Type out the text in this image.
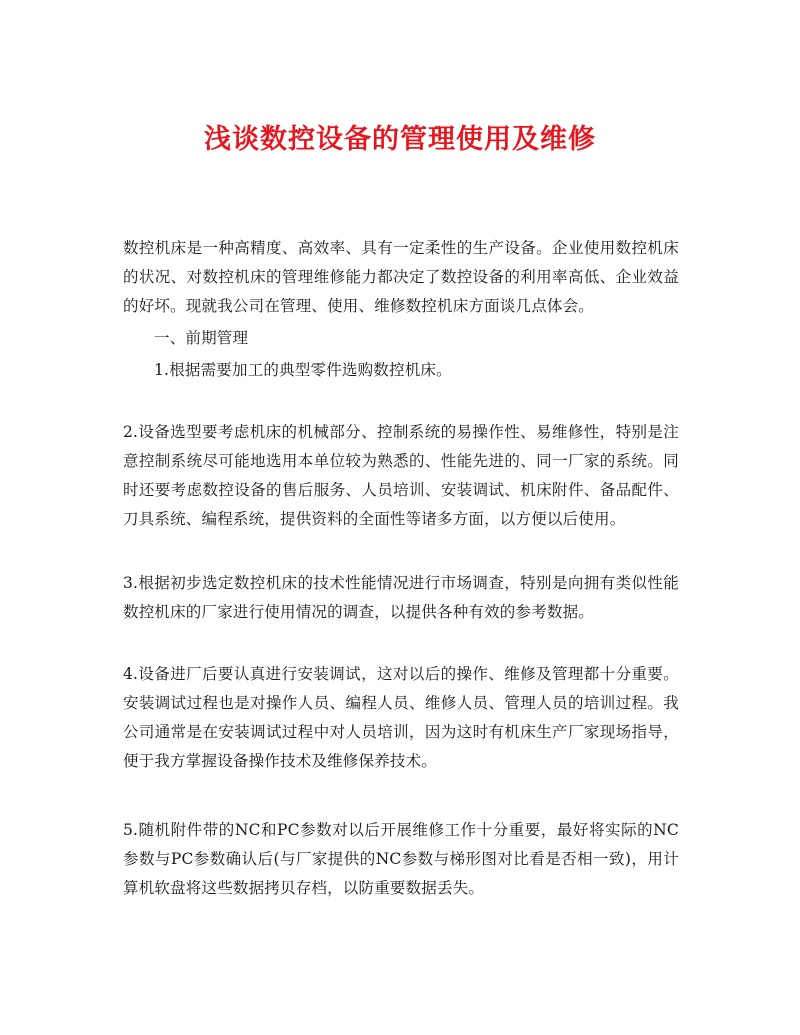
浅谈数控设备的管理使用及维修

数控机床是一种高精度、高效率、具有一定柔性的生产设备。企业使用数控机床的状况、对数控机床的管理维修能力都决定了数控设备的利用率高低、企业效益的好坏。现就我公司在管理、使用、维修数控机床方面谈几点体会。

一、前期管理

1.根据需要加工的典型零件选购数控机床。

2.设备选型要考虑机床的机械部分、控制系统的易操作性、易维修性，特别是注意控制系统尽可能地选用本单位较为熟悉的、性能先进的、同一厂家的系统。同时还要考虑数控设备的售后服务、人员培训、安装调试、机床附件、备品配件、刀具系统、编程系统，提供资料的全面性等诸多方面，以方便以后使用。

3.根据初步选定数控机床的技术性能情况进行市场调查，特别是向拥有类似性能数控机床的厂家进行使用情况的调查，以提供各种有效的参考数据。

4.设备进厂后要认真进行安装调试，这对以后的操作、维修及管理都十分重要。安装调试过程也是对操作人员、编程人员、维修人员、管理人员的培训过程。我公司通常是在安装调试过程中对人员培训，因为这时有机床生产厂家现场指导，便于我方掌握设备操作技术及维修保养技术。

5.随机附件带的NC和PC参数对以后开展维修工作十分重要，最好将实际的NC参数与PC参数确认后(与厂家提供的NC参数与梯形图对比看是否相一致)，用计算机软盘将这些数据拷贝存档，以防重要数据丢失。
